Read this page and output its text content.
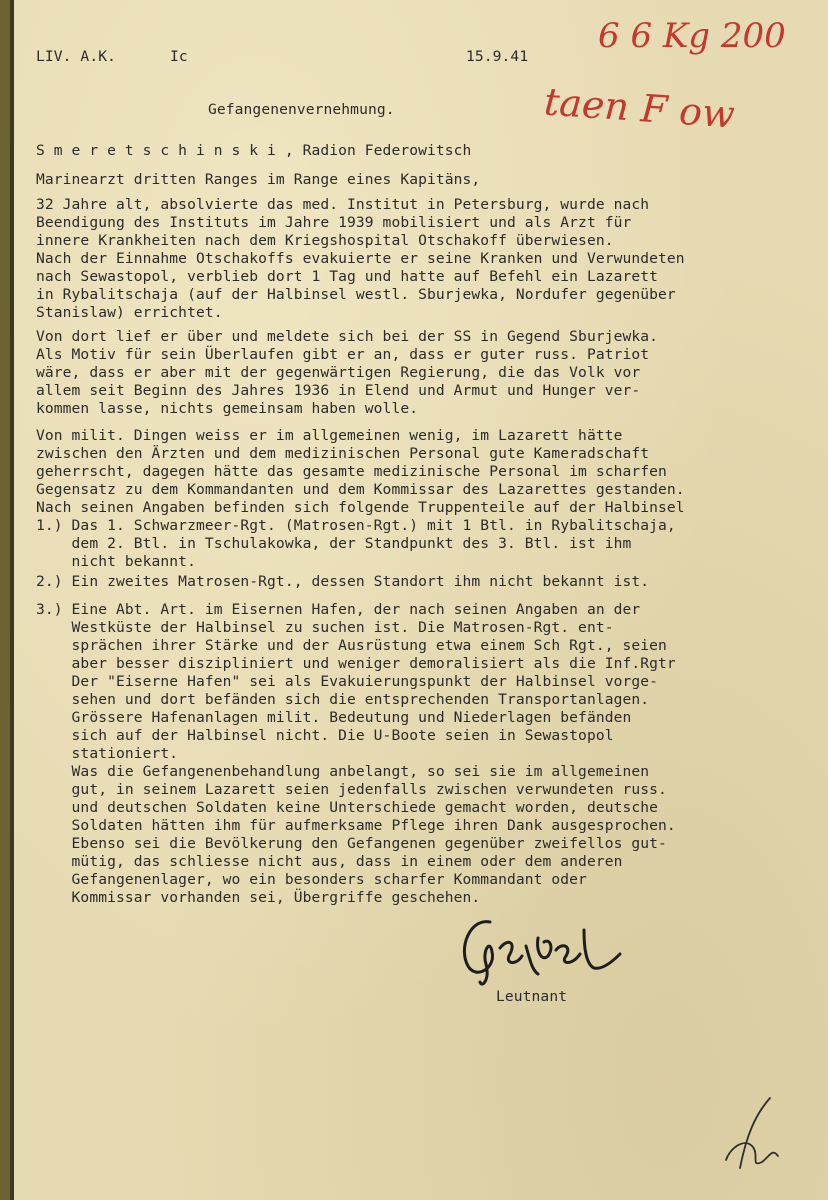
LIV. A.K.	Ic	15.9.41
6 6 Kg 200
taen F ow
Gefangenenvernehmung.
S m e r e t s c h i n s k i , Radion Federowitsch
Marinearzt dritten Ranges im Range eines Kapitäns,
32 Jahre alt, absolvierte das med. Institut in Petersburg, wurde nach
Beendigung des Instituts im Jahre 1939 mobilisiert und als Arzt für
innere Krankheiten nach dem Kriegshospital Otschakoff überwiesen.
Nach der Einnahme Otschakoffs evakuierte er seine Kranken und Verwundeten
nach Sewastopol, verblieb dort 1 Tag und hatte auf Befehl ein Lazarett
in Rybalitschaja (auf der Halbinsel westl. Sburjewka, Nordufer gegenüber
Stanislaw) errichtet.
Von dort lief er über und meldete sich bei der SS in Gegend Sburjewka.
Als Motiv für sein Überlaufen gibt er an, dass er guter russ. Patriot
wäre, dass er aber mit der gegenwärtigen Regierung, die das Volk vor
allem seit Beginn des Jahres 1936 in Elend und Armut und Hunger ver-
kommen lasse, nichts gemeinsam haben wolle.
Von milit. Dingen weiss er im allgemeinen wenig, im Lazarett hätte
zwischen den Ärzten und dem medizinischen Personal gute Kameradschaft
geherrscht, dagegen hätte das gesamte medizinische Personal im scharfen
Gegensatz zu dem Kommandanten und dem Kommissar des Lazarettes gestanden.
Nach seinen Angaben befinden sich folgende Truppenteile auf der Halbinsel
1.) Das 1. Schwarzmeer-Rgt. (Matrosen-Rgt.) mit 1 Btl. in Rybalitschaja,
dem 2. Btl. in Tschulakowka, der Standpunkt des 3. Btl. ist ihm
nicht bekannt.
2.) Ein zweites Matrosen-Rgt., dessen Standort ihm nicht bekannt ist.
3.) Eine Abt. Art. im Eisernen Hafen, der nach seinen Angaben an der
Westküste der Halbinsel zu suchen ist. Die Matrosen-Rgt. ent-
sprächen ihrer Stärke und der Ausrüstung etwa einem Sch Rgt., seien
aber besser diszipliniert und weniger demoralisiert als die Inf.Rgtr
Der "Eiserne Hafen" sei als Evakuierungspunkt der Halbinsel vorge-
sehen und dort befänden sich die entsprechenden Transportanlagen.
Grössere Hafenanlagen milit. Bedeutung und Niederlagen befänden
sich auf der Halbinsel nicht. Die U-Boote seien in Sewastopol
stationiert.
Was die Gefangenenbehandlung anbelangt, so sei sie im allgemeinen
gut, in seinem Lazarett seien jedenfalls zwischen verwundeten russ.
und deutschen Soldaten keine Unterschiede gemacht worden, deutsche
Soldaten hätten ihm für aufmerksame Pflege ihren Dank ausgesprochen.
Ebenso sei die Bevölkerung den Gefangenen gegenüber zweifellos gut-
mütig, das schliesse nicht aus, dass in einem oder dem anderen
Gefangenenlager, wo ein besonders scharfer Kommandant oder
Kommissar vorhanden sei, Übergriffe geschehen.
Leutnant
